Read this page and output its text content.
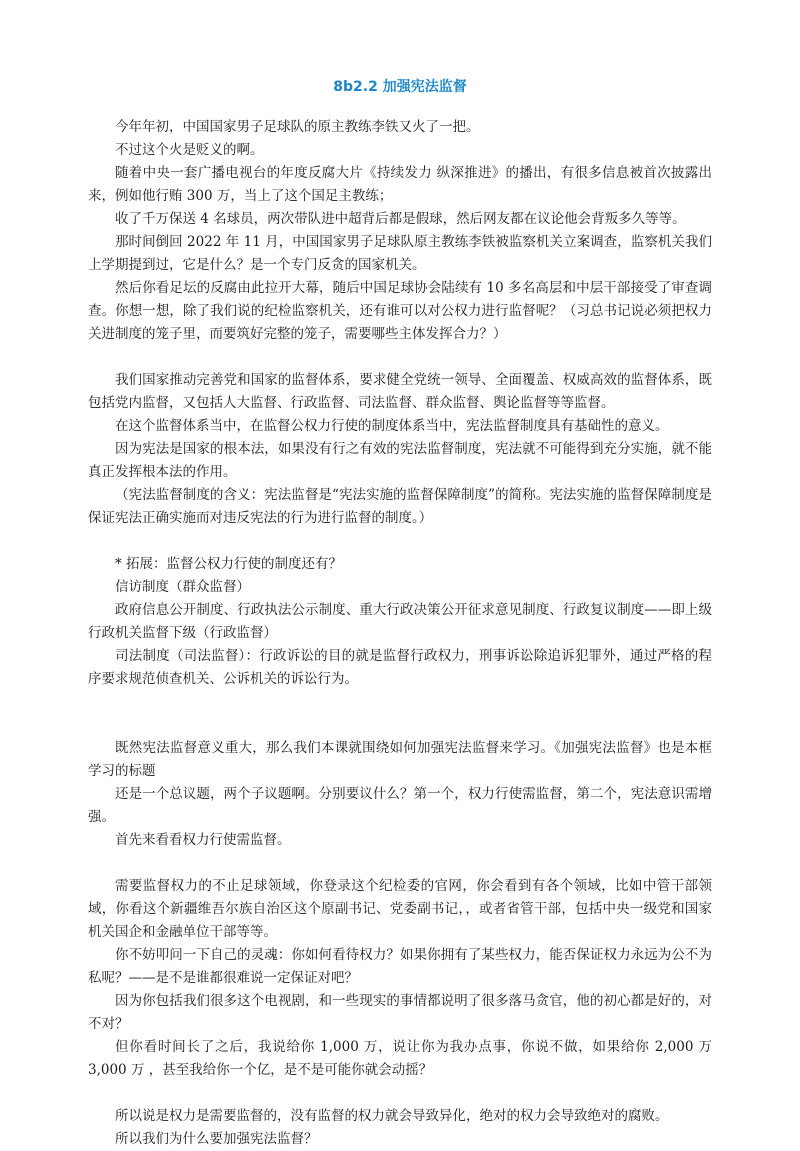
8b2.2 加强宪法监督

今年年初，中国国家男子足球队的原主教练李铁又火了一把。

不过这个火是贬义的啊。

随着中央一套广播电视台的年度反腐大片《持续发力 纵深推进》的播出，有很多信息被首次披露出来，例如他行贿 300 万，当上了这个国足主教练；

收了千万保送 4 名球员，两次带队进中超背后都是假球，然后网友都在议论他会背叛多久等等。

那时间倒回 2022 年 11 月，中国国家男子足球队原主教练李铁被监察机关立案调查，监察机关我们上学期提到过，它是什么？是一个专门反贪的国家机关。

然后你看足坛的反腐由此拉开大幕，随后中国足球协会陆续有 10 多名高层和中层干部接受了审查调查。你想一想，除了我们说的纪检监察机关，还有谁可以对公权力进行监督呢？（习总书记说必须把权力关进制度的笼子里，而要筑好完整的笼子，需要哪些主体发挥合力？）

我们国家推动完善党和国家的监督体系，要求健全党统一领导、全面覆盖、权威高效的监督体系，既包括党内监督，又包括人大监督、行政监督、司法监督、群众监督、舆论监督等等监督。

在这个监督体系当中，在监督公权力行使的制度体系当中，宪法监督制度具有基础性的意义。

因为宪法是国家的根本法，如果没有行之有效的宪法监督制度，宪法就不可能得到充分实施，就不能真正发挥根本法的作用。

（宪法监督制度的含义：宪法监督是“宪法实施的监督保障制度”的简称。宪法实施的监督保障制度是保证宪法正确实施而对违反宪法的行为进行监督的制度。）

* 拓展：监督公权力行使的制度还有？

信访制度（群众监督）

政府信息公开制度、行政执法公示制度、重大行政决策公开征求意见制度、行政复议制度——即上级行政机关监督下级（行政监督）

司法制度（司法监督）：行政诉讼的目的就是监督行政权力，刑事诉讼除追诉犯罪外，通过严格的程序要求规范侦查机关、公诉机关的诉讼行为。

既然宪法监督意义重大，那么我们本课就围绕如何加强宪法监督来学习。《加强宪法监督》也是本框学习的标题

还是一个总议题，两个子议题啊。分别要议什么？第一个，权力行使需监督，第二个，宪法意识需增强。

首先来看看权力行使需监督。

需要监督权力的不止足球领域，你登录这个纪检委的官网，你会看到有各个领域，比如中管干部领域，你看这个新疆维吾尔族自治区这个原副书记、党委副书记，，或者省管干部，包括中央一级党和国家机关国企和金融单位干部等等。

你不妨叩问一下自己的灵魂：你如何看待权力？如果你拥有了某些权力，能否保证权力永远为公不为私呢？——是不是谁都很难说一定保证对吧？

因为你包括我们很多这个电视剧，和一些现实的事情都说明了很多落马贪官，他的初心都是好的，对不对？

但你看时间长了之后，我说给你 1,000 万，说让你为我办点事，你说不做，如果给你 2,000 万 3,000 万 ，甚至我给你一个亿，是不是可能你就会动摇？

所以说是权力是需要监督的，没有监督的权力就会导致异化，绝对的权力会导致绝对的腐败。

所以我们为什么要加强宪法监督？
